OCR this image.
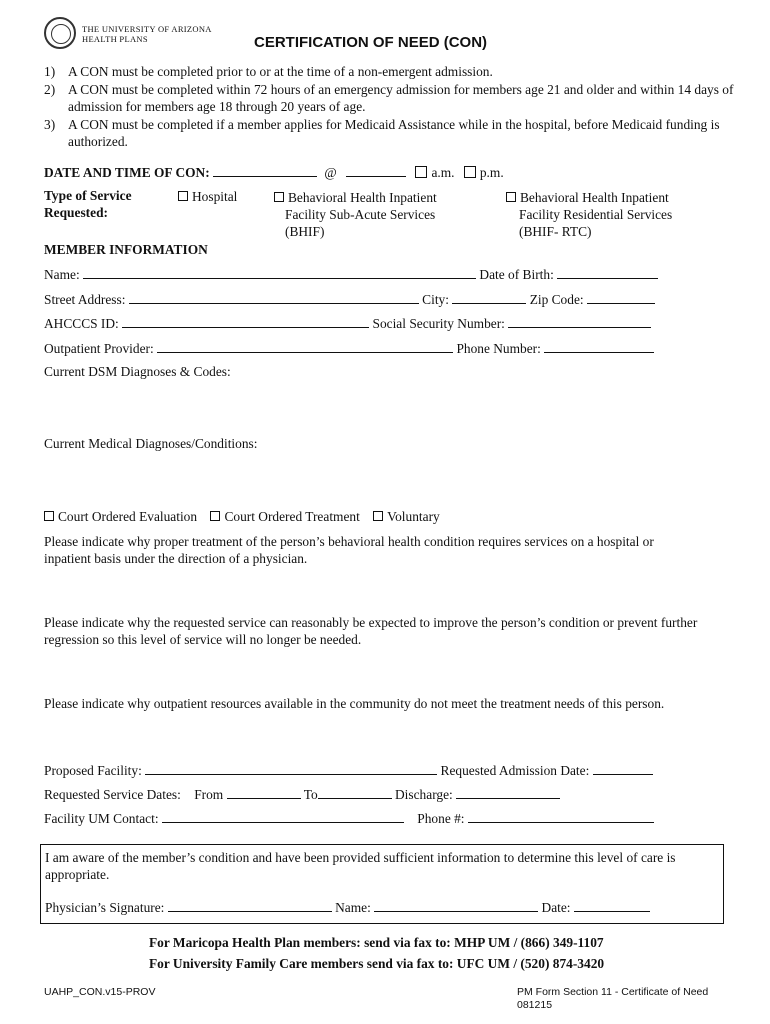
THE UNIVERSITY OF ARIZONA
HEALTH PLANS	CERTIFICATION OF NEED (CON)
1) A CON must be completed prior to or at the time of a non-emergent admission.
2) A CON must be completed within 72 hours of an emergency admission for members age 21 and older and within 14 days of admission for members age 18 through 20 years of age.
3) A CON must be completed if a member applies for Medicaid Assistance while in the hospital, before Medicaid funding is authorized.
DATE AND TIME OF CON:	@	a.m. p.m.
Type of Service
Requested:
Hospital	Behavioral Health Inpatient
Facility Sub-Acute Services
(BHIF)
Behavioral Health Inpatient
Facility Residential Services
(BHIF- RTC)
MEMBER INFORMATION
Name:	Date of Birth:
Street Address:	City:	Zip Code:
AHCCCS ID:	Social Security Number:
Outpatient Provider:	Phone Number:
Current DSM Diagnoses & Codes:
Current Medical Diagnoses/Conditions:
Court Ordered Evaluation Court Ordered Treatment Voluntary
Please indicate why proper treatment of the person’s behavioral health condition requires services on a hospital or
inpatient basis under the direction of a physician.
Please indicate why the requested service can reasonably be expected to improve the person’s condition or prevent further
regression so this level of service will no longer be needed.
Please indicate why outpatient resources available in the community do not meet the treatment needs of this person.
Proposed Facility:	Requested Admission Date:
Requested Service Dates: From	To	Discharge:
Facility UM Contact:	Phone #:
I am aware of the member’s condition and have been provided sufficient information to determine this level of care is
appropriate.
Physician’s Signature:	Name:	Date:
For Maricopa Health Plan members: send via fax to: MHP UM / (866) 349-1107
For University Family Care members send via fax to: UFC UM / (520) 874-3420
UAHP_CON.v15-PROV	PM Form Section 11 - Certificate of Need
081215
